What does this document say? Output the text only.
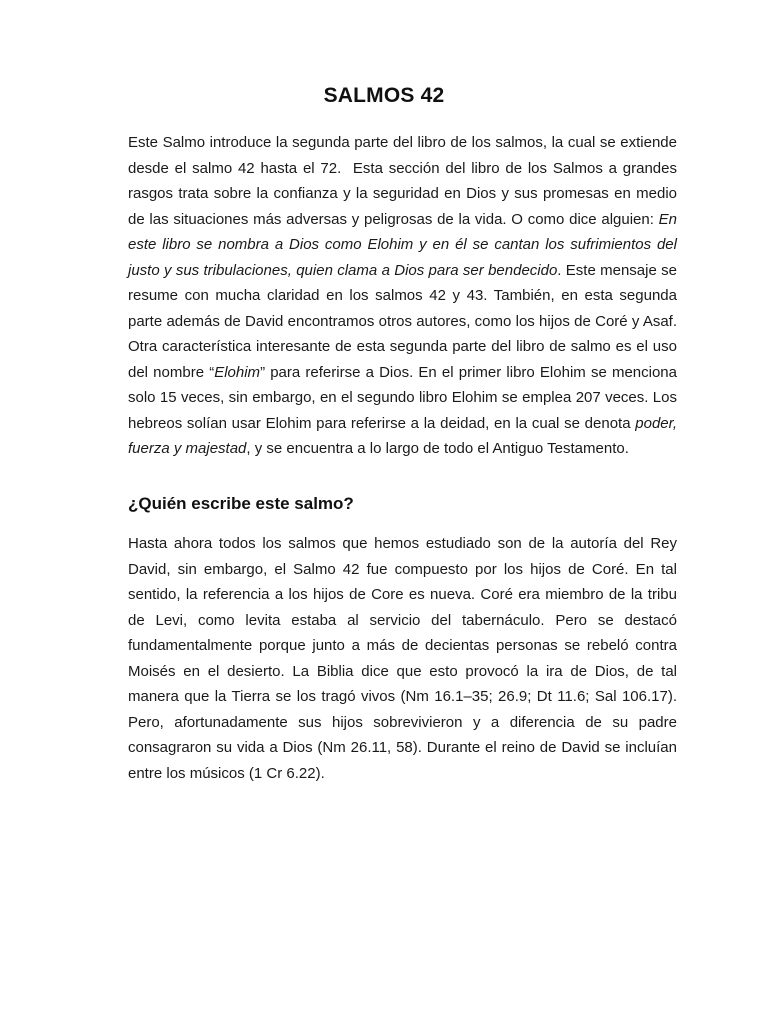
SALMOS 42

Este Salmo introduce la segunda parte del libro de los salmos, la cual se extiende desde el salmo 42 hasta el 72.  Esta sección del libro de los Salmos a grandes rasgos trata sobre la confianza y la seguridad en Dios y sus promesas en medio de las situaciones más adversas y peligrosas de la vida. O como dice alguien: En este libro se nombra a Dios como Elohim y en él se cantan los sufrimientos del justo y sus tribulaciones, quien clama a Dios para ser bendecido. Este mensaje se resume con mucha claridad en los salmos 42 y 43. También, en esta segunda parte además de David encontramos otros autores, como los hijos de Coré y Asaf. Otra característica interesante de esta segunda parte del libro de salmo es el uso del nombre “Elohim” para referirse a Dios. En el primer libro Elohim se menciona solo 15 veces, sin embargo, en el segundo libro Elohim se emplea 207 veces. Los hebreos solían usar Elohim para referirse a la deidad, en la cual se denota poder, fuerza y majestad, y se encuentra a lo largo de todo el Antiguo Testamento.

¿Quién escribe este salmo?

Hasta ahora todos los salmos que hemos estudiado son de la autoría del Rey David, sin embargo, el Salmo 42 fue compuesto por los hijos de Coré. En tal sentido, la referencia a los hijos de Core es nueva. Coré era miembro de la tribu de Levi, como levita estaba al servicio del tabernáculo. Pero se destacó fundamentalmente porque junto a más de decientas personas se rebeló contra Moisés en el desierto. La Biblia dice que esto provocó la ira de Dios, de tal manera que la Tierra se los tragó vivos (Nm 16.1–35; 26.9; Dt 11.6; Sal 106.17). Pero, afortunadamente sus hijos sobrevivieron y a diferencia de su padre consagraron su vida a Dios (Nm 26.11, 58). Durante el reino de David se incluían entre los músicos (1 Cr 6.22).
